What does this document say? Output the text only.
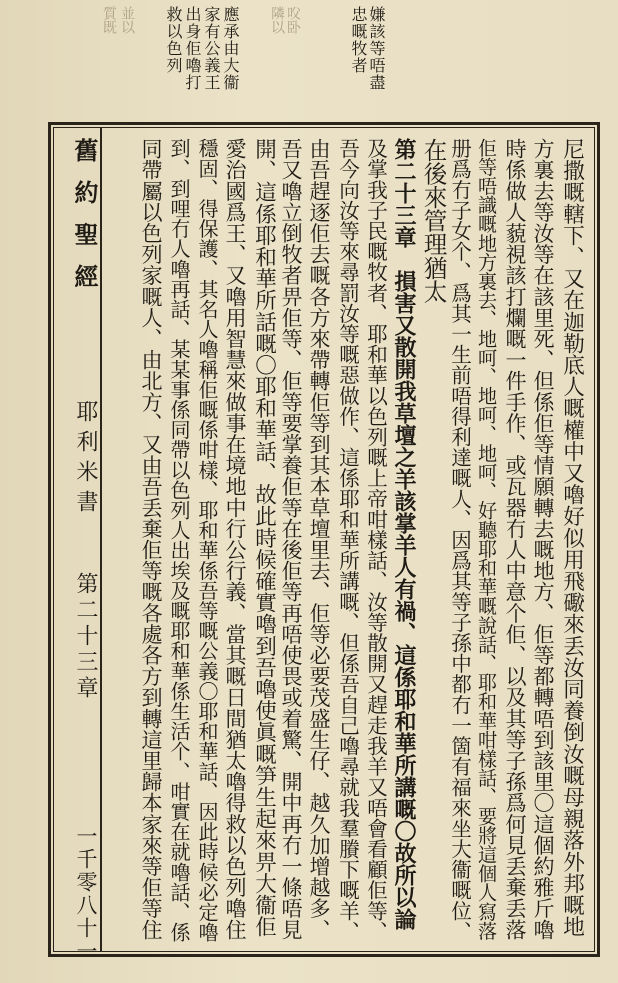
㕮卧
隣以	嫌該等唔盡
忠嘅牧者
應承由大衞
家有公義王
出身佢嚕打
救以色列
並以
質既
舊約聖經
耶利米書
第二十三章
一千零八十一	尼撒嘅轄下、又在迦勒底人嘅權中又嚕好似用飛礮來丢汝同養倒汝嘅母親落外邦嘅地
方裏去等汝等在該里死、但係佢等情願轉去嘅地方、佢等都轉唔到該里〇這個約雅斤嚕
時係做人藐視該打爛嘅一件手作、或瓦器冇人中意个佢、以及其等子孫爲何見丢棄丢落
佢等唔識嘅地方裏去、地呵、地呵、地呵、好聽耶和華嘅說話、耶和華咁樣話、要將這個人寫落
册爲冇子女个、爲其一生前唔得利達嘅人、因爲其等子孫中都冇一箇有福來坐大衞嘅位、
在後來管理猶太
第二十三章　損害又散開我草壇之羊該掌羊人有禍、這係耶和華所講嘅〇故所以論
及掌我子民嘅牧者、耶和華以色列嘅上帝咁樣話、汝等散開又趕走我羊又唔會看顧佢等、
吾今向汝等來尋罰汝等嘅惡做作、這係耶和華所講嘅、但係吾自己嚕尋就我羣賸下嘅羊、
由吾趕逐佢去嘅各方來帶轉佢等到其本草壇里去、佢等必要茂盛生仔、越久加增越多、
吾又嚕立倒牧者畀佢等、佢等要掌養佢等在後佢等再唔使畏或着驚、開中再冇一條唔見
開、這係耶和華所話嘅〇耶和華話、故此時候確實嚕到吾嚕使眞嘅笋生起來畀大衞佢
愛治國爲王、又嚕用智慧來做事在境地中行公行義、當其嘅日間猶太嚕得救以色列嚕住
穩固、得保護、其名人嚕稱佢嘅係咁樣、耶和華係吾等嘅公義〇耶和華話、因此時候必定嚕
到、到哩冇人嚕再話、某某事係同帶以色列人出埃及嘅耶和華係生活个、咁實在就嚕話、係
同帶屬以色列家嘅人、由北方、又由吾丢棄佢等嘅各處各方到轉這里歸本家來等佢等住
